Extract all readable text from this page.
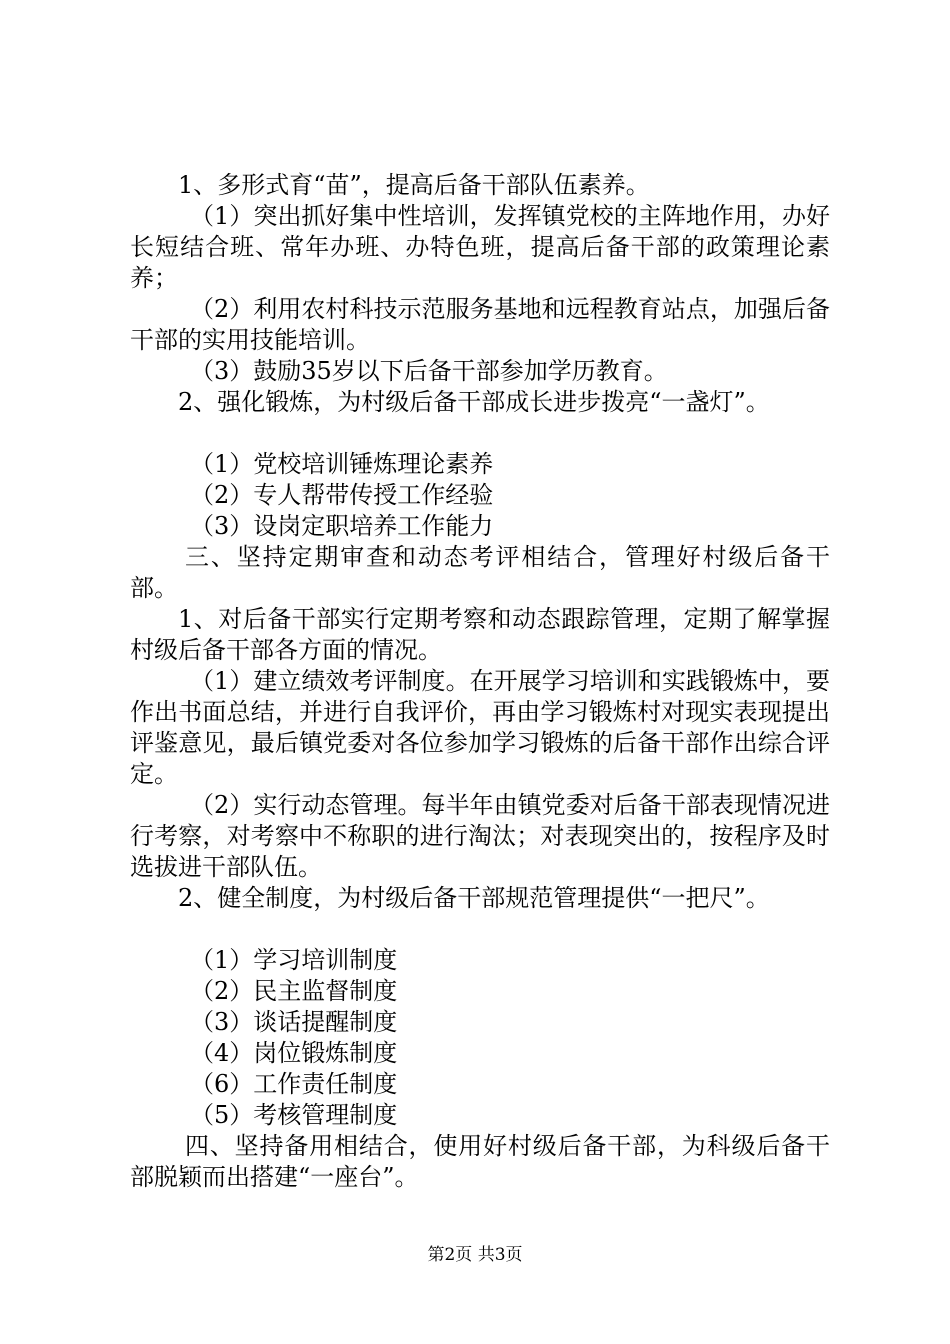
1、多形式育“苗”，提高后备干部队伍素养。

（1）突出抓好集中性培训，发挥镇党校的主阵地作用，办好长短结合班、常年办班、办特色班，提高后备干部的政策理论素养；

（2）利用农村科技示范服务基地和远程教育站点，加强后备干部的实用技能培训。

（3）鼓励35岁以下后备干部参加学历教育。

2、强化锻炼，为村级后备干部成长进步拨亮“一盏灯”。

（1）党校培训锤炼理论素养

（2）专人帮带传授工作经验

（3）设岗定职培养工作能力

三、坚持定期审查和动态考评相结合，管理好村级后备干部。

1、对后备干部实行定期考察和动态跟踪管理，定期了解掌握村级后备干部各方面的情况。

（1）建立绩效考评制度。在开展学习培训和实践锻炼中，要作出书面总结，并进行自我评价，再由学习锻炼村对现实表现提出评鉴意见，最后镇党委对各位参加学习锻炼的后备干部作出综合评定。

（2）实行动态管理。每半年由镇党委对后备干部表现情况进行考察，对考察中不称职的进行淘汰；对表现突出的，按程序及时选拔进干部队伍。

2、健全制度，为村级后备干部规范管理提供“一把尺”。

（1）学习培训制度

（2）民主监督制度

（3）谈话提醒制度

（4）岗位锻炼制度

（6）工作责任制度

（5）考核管理制度

四、坚持备用相结合，使用好村级后备干部，为科级后备干部脱颖而出搭建“一座台”。

第2页 共3页
